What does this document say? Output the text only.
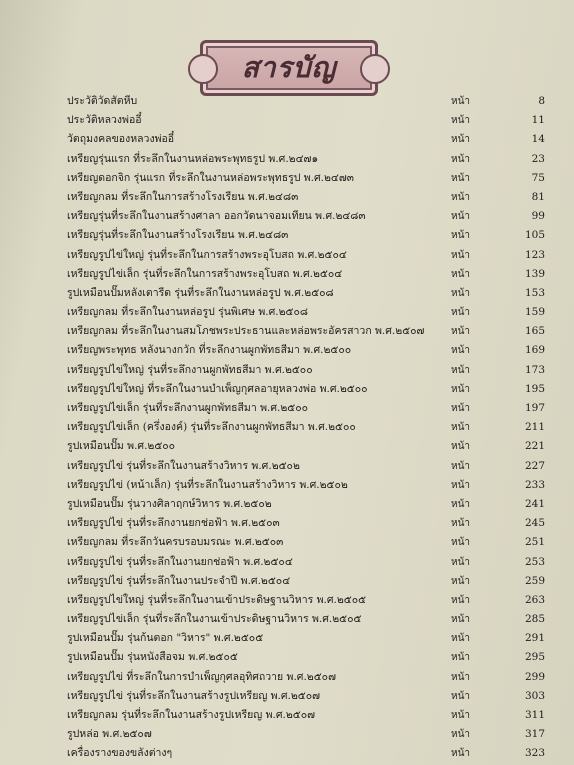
สารบัญ
ประวัติวัดสัตหีบ	หน้า	8
ประวัติหลวงพ่ออี๋	หน้า	11
วัตถุมงคลของหลวงพ่ออี๋	หน้า	14
เหรียญรุ่นแรก ที่ระลึกในงานหล่อพระพุทธรูป พ.ศ.๒๔๗๑	หน้า	23
เหรียญดอกจิก รุ่นแรก ที่ระลึกในงานหล่อพระพุทธรูป พ.ศ.๒๔๗๓	หน้า	75
เหรียญกลม ที่ระลึกในการสร้างโรงเรียน พ.ศ.๒๔๘๓	หน้า	81
เหรียญรุ่นที่ระลึกในงานสร้างศาลา ออกวัดนาจอมเทียน พ.ศ.๒๔๘๓	หน้า	99
เหรียญรุ่นที่ระลึกในงานสร้างโรงเรียน พ.ศ.๒๔๘๓	หน้า	105
เหรียญรูปไข่ใหญ่ รุ่นที่ระลึกในการสร้างพระอุโบสถ พ.ศ.๒๕๐๔	หน้า	123
เหรียญรูปไข่เล็ก รุ่นที่ระลึกในการสร้างพระอุโบสถ พ.ศ.๒๕๐๔	หน้า	139
รูปเหมือนปั๊มหลังเตารีด รุ่นที่ระลึกในงานหล่อรูป พ.ศ.๒๕๐๘	หน้า	153
เหรียญกลม ที่ระลึกในงานหล่อรูป รุ่นพิเศษ พ.ศ.๒๕๐๘	หน้า	159
เหรียญกลม ที่ระลึกในงานสมโภชพระประธานและหล่อพระอัครสาวก พ.ศ.๒๕๐๗	หน้า	165
เหรียญพระพุทธ หลังนางกวัก ที่ระลึกงานผูกพัทธสีมา พ.ศ.๒๕๐๐	หน้า	169
เหรียญรูปไข่ใหญ่ รุ่นที่ระลึกงานผูกพัทธสีมา พ.ศ.๒๕๐๐	หน้า	173
เหรียญรูปไข่ใหญ่ ที่ระลึกในงานบำเพ็ญกุศลอายุหลวงพ่อ พ.ศ.๒๕๐๐	หน้า	195
เหรียญรูปไข่เล็ก รุ่นที่ระลึกงานผูกพัทธสีมา พ.ศ.๒๕๐๐	หน้า	197
เหรียญรูปไข่เล็ก (ครึ่งองค์) รุ่นที่ระลึกงานผูกพัทธสีมา พ.ศ.๒๕๐๐	หน้า	211
รูปเหมือนปั๊ม พ.ศ.๒๕๐๐	หน้า	221
เหรียญรูปไข่ รุ่นที่ระลึกในงานสร้างวิหาร พ.ศ.๒๕๐๒	หน้า	227
เหรียญรูปไข่ (หน้าเล็ก) รุ่นที่ระลึกในงานสร้างวิหาร พ.ศ.๒๕๐๒	หน้า	233
รูปเหมือนปั๊ม รุ่นวางศิลาฤกษ์วิหาร พ.ศ.๒๕๐๒	หน้า	241
เหรียญรูปไข่ รุ่นที่ระลึกงานยกช่อฟ้า พ.ศ.๒๕๐๓	หน้า	245
เหรียญกลม ที่ระลึกวันครบรอบมรณะ พ.ศ.๒๕๐๓	หน้า	251
เหรียญรูปไข่ รุ่นที่ระลึกในงานยกช่อฟ้า พ.ศ.๒๕๐๔	หน้า	253
เหรียญรูปไข่ รุ่นที่ระลึกในงานประจำปี พ.ศ.๒๕๐๔	หน้า	259
เหรียญรูปไข่ใหญ่ รุ่นที่ระลึกในงานเข้าประดิษฐานวิหาร พ.ศ.๒๕๐๕	หน้า	263
เหรียญรูปไข่เล็ก รุ่นที่ระลึกในงานเข้าประดิษฐานวิหาร พ.ศ.๒๕๐๕	หน้า	285
รูปเหมือนปั๊ม รุ่นก้นตอก "วิหาร" พ.ศ.๒๕๐๕	หน้า	291
รูปเหมือนปั๊ม รุ่นหนังสือจม พ.ศ.๒๕๐๕	หน้า	295
เหรียญรูปไข่ ที่ระลึกในการบำเพ็ญกุศลอุทิศถวาย พ.ศ.๒๕๐๗	หน้า	299
เหรียญรูปไข่ รุ่นที่ระลึกในงานสร้างรูปเหรียญ พ.ศ.๒๕๐๗	หน้า	303
เหรียญกลม รุ่นที่ระลึกในงานสร้างรูปเหรียญ พ.ศ.๒๕๐๗	หน้า	311
รูปหล่อ พ.ศ.๒๕๐๗	หน้า	317
เครื่องรางของขลังต่างๆ	หน้า	323
